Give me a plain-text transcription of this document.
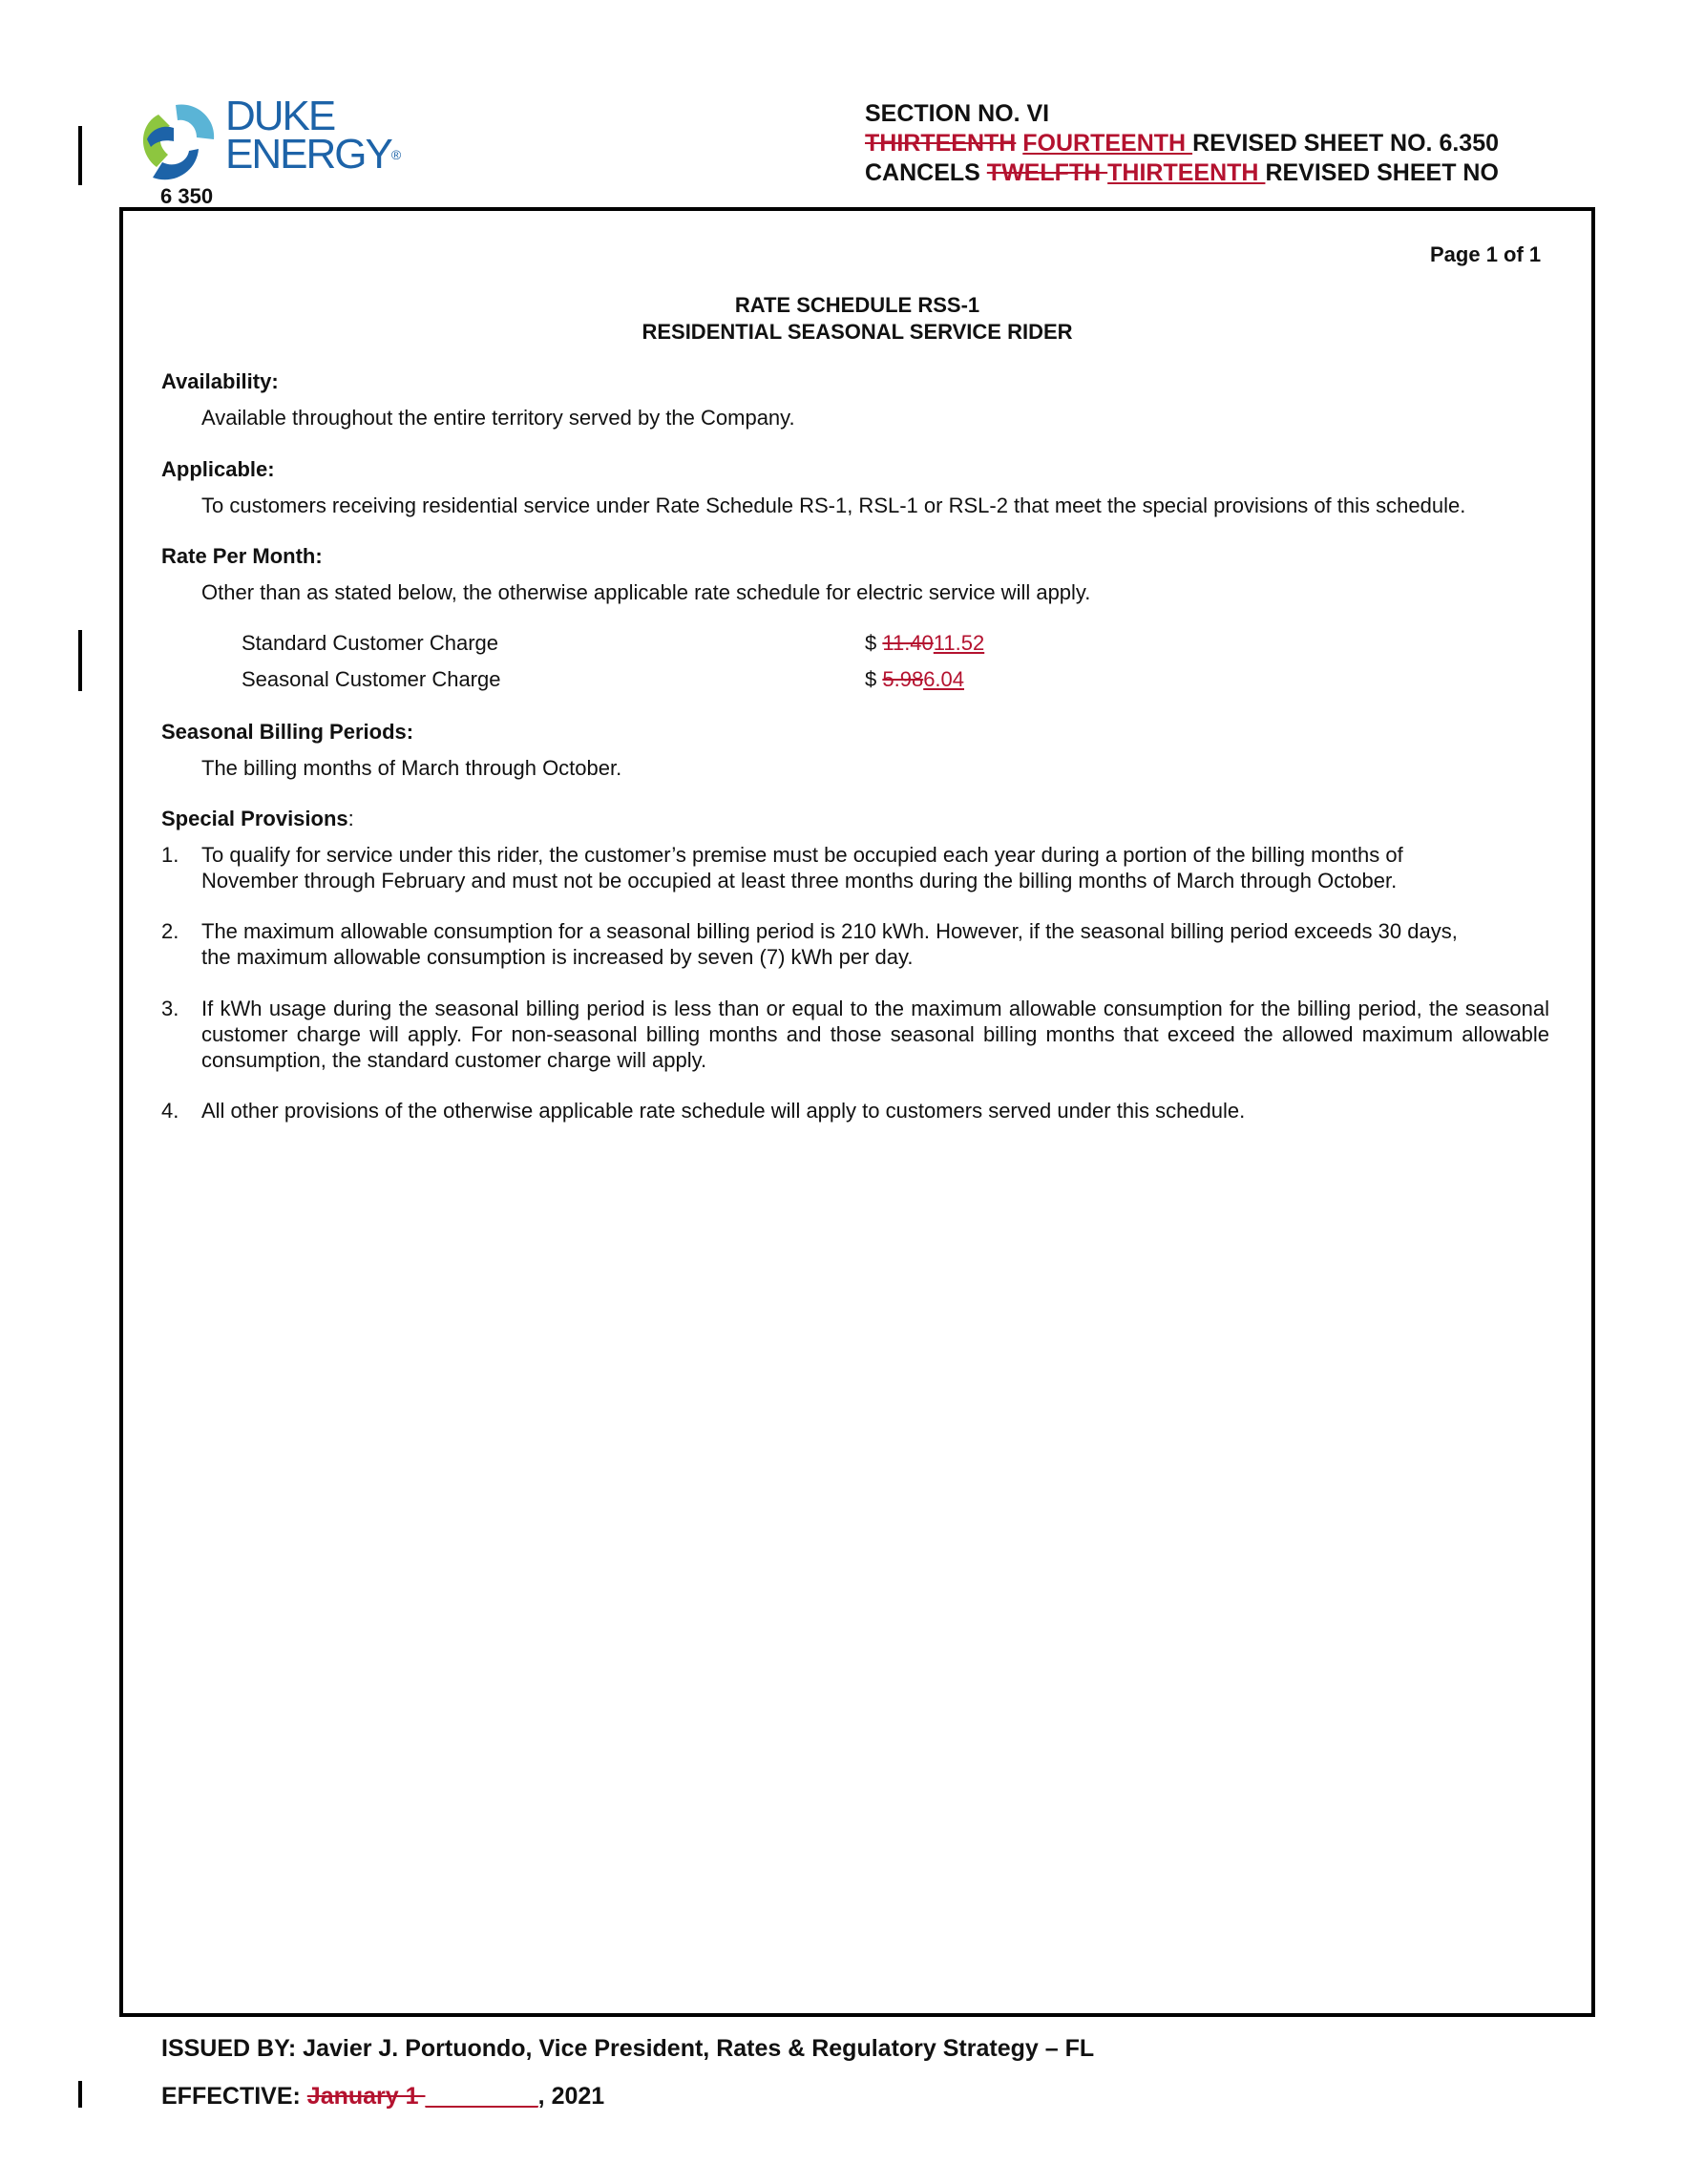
DUKE
ENERGY®
6 350
SECTION NO. VI
THIRTEENTH FOURTEENTH REVISED SHEET NO. 6.350
CANCELS TWELFTH THIRTEENTH REVISED SHEET NO
Page 1 of 1
RATE SCHEDULE RSS-1
RESIDENTIAL SEASONAL SERVICE RIDER
Availability:
Available throughout the entire territory served by the Company.
Applicable:
To customers receiving residential service under Rate Schedule RS-1, RSL-1 or RSL-2 that meet the special provisions of this schedule.
Rate Per Month:
Other than as stated below, the otherwise applicable rate schedule for electric service will apply.
Standard Customer Charge	$ 11.4011.52
Seasonal Customer Charge	$ 5.986.04
Seasonal Billing Periods:
The billing months of March through October.
Special Provisions:
1. To qualify for service under this rider, the customer’s premise must be occupied each year during a portion of the billing months of
November through February and must not be occupied at least three months during the billing months of March through October.
2. The maximum allowable consumption for a seasonal billing period is 210 kWh. However, if the seasonal billing period exceeds 30 days,
the maximum allowable consumption is increased by seven (7) kWh per day.
3. If kWh usage during the seasonal billing period is less than or equal to the maximum allowable consumption for the billing period, the seasonal customer charge will apply. For non-seasonal billing months and those seasonal billing months that exceed the allowed maximum allowable consumption, the standard customer charge will apply.
4. All other provisions of the otherwise applicable rate schedule will apply to customers served under this schedule.
ISSUED BY: Javier J. Portuondo, Vice President, Rates & Regulatory Strategy – FL
EFFECTIVE: January 1 ______ __, 2021
